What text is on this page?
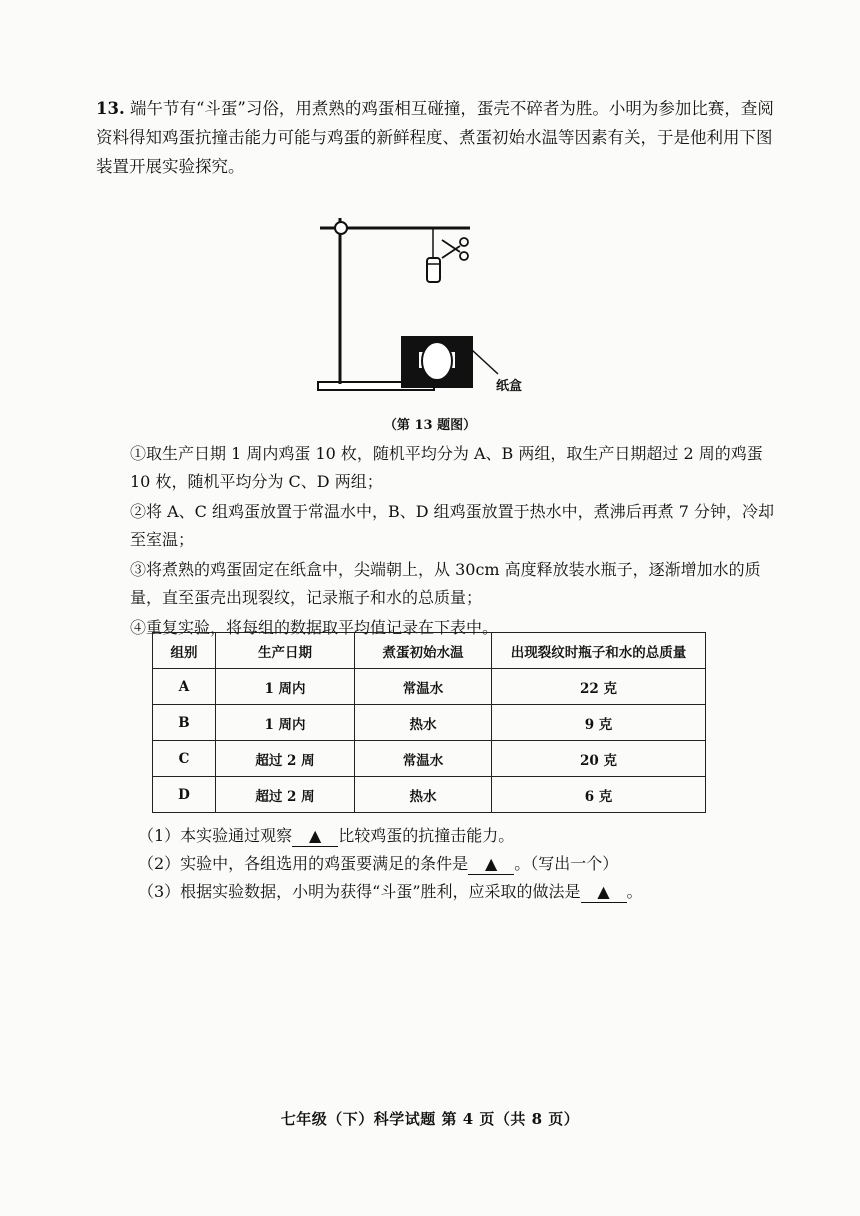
13. 端午节有“斗蛋”习俗，用煮熟的鸡蛋相互碰撞，蛋壳不碎者为胜。小明为参加比赛，查阅资料得知鸡蛋抗撞击能力可能与鸡蛋的新鲜程度、煮蛋初始水温等因素有关，于是他利用下图装置开展实验探究。
纸盒
（第 13 题图）
①取生产日期 1 周内鸡蛋 10 枚，随机平均分为 A、B 两组，取生产日期超过 2 周的鸡蛋 10 枚，随机平均分为 C、D 两组；
②将 A、C 组鸡蛋放置于常温水中，B、D 组鸡蛋放置于热水中，煮沸后再煮 7 分钟，冷却至室温；
③将煮熟的鸡蛋固定在纸盒中，尖端朝上，从 30cm 高度释放装水瓶子，逐渐增加水的质量，直至蛋壳出现裂纹，记录瓶子和水的总质量；
④重复实验，将每组的数据取平均值记录在下表中。
组别	生产日期	煮蛋初始水温	出现裂纹时瓶子和水的总质量
A	1 周内	常温水	22 克
B	1 周内	热水	9 克
C	超过 2 周	常温水	20 克
D	超过 2 周	热水	6 克
（1）本实验通过观察 ▲ 比较鸡蛋的抗撞击能力。
（2）实验中，各组选用的鸡蛋要满足的条件是 ▲ 。（写出一个）
（3）根据实验数据，小明为获得“斗蛋”胜利，应采取的做法是 ▲ 。
七年级（下）科学试题 第 4 页（共 8 页）
